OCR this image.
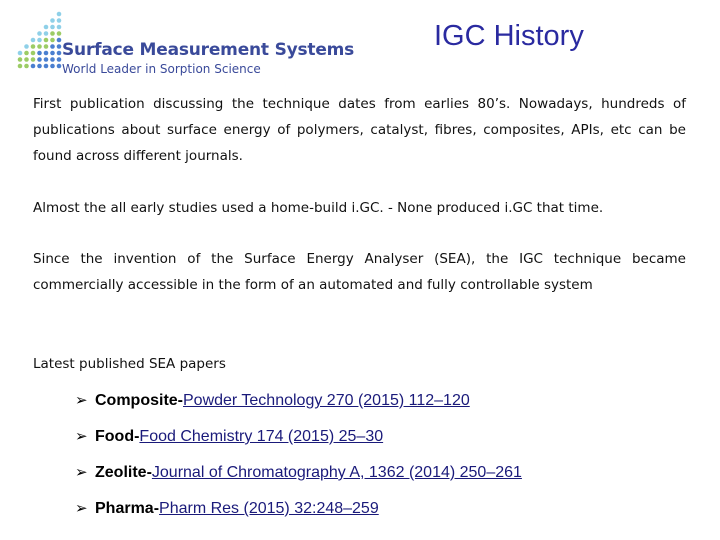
Surface Measurement Systems
World Leader in Sorption Science
IGC History
First publication discussing the technique dates from earlies 80’s. Nowadays, hundreds of publications about surface energy of polymers, catalyst, fibres, composites, APIs, etc can be found across different journals.
Almost the all early studies used a home-build i.GC. - None produced i.GC that time.
Since the invention of the Surface Energy Analyser (SEA), the IGC technique became commercially accessible in the form of an automated and fully controllable system
Latest published SEA papers
➢ Composite - Powder Technology 270 (2015) 112–120
➢ Food - Food Chemistry 174 (2015) 25–30
➢ Zeolite - Journal of Chromatography A, 1362 (2014) 250–261
➢ Pharma - Pharm Res (2015) 32:248–259
